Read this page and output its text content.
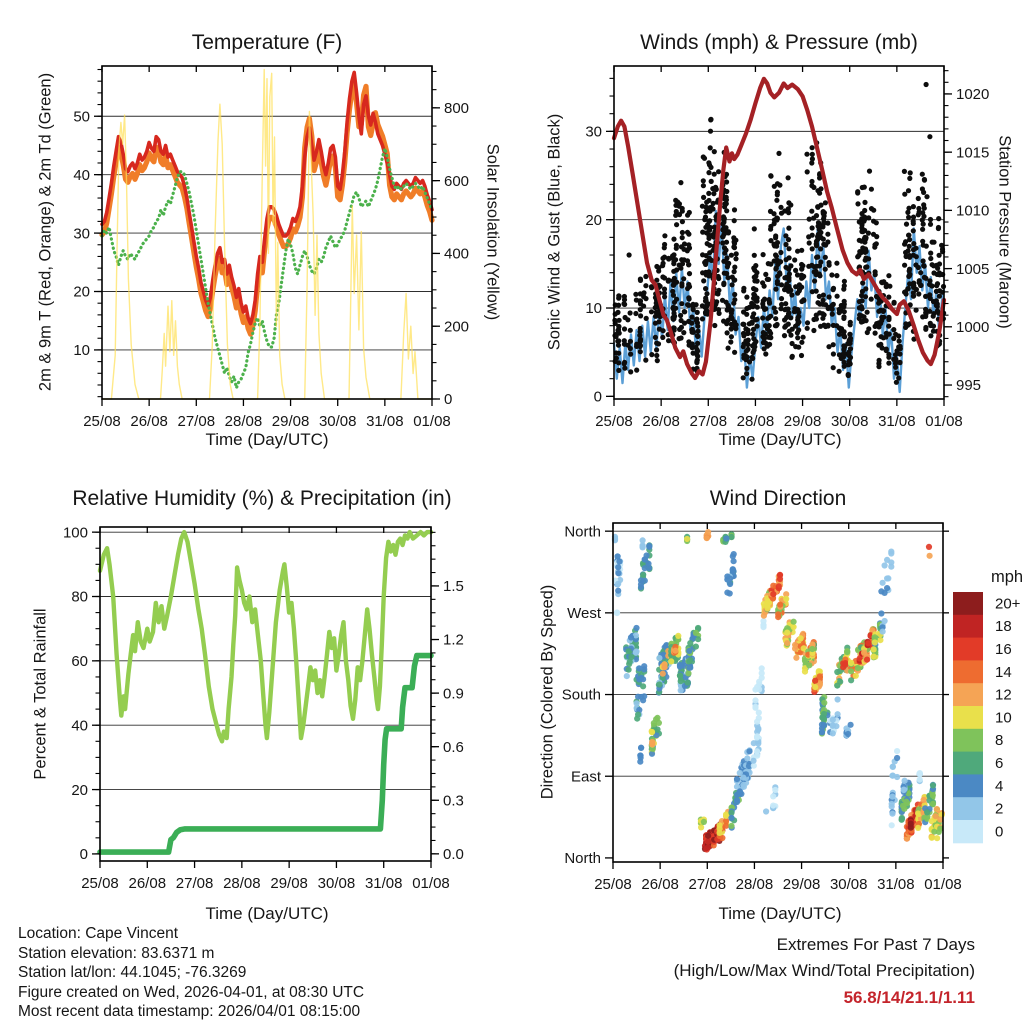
25/08 26/08 27/08 28/08 29/08 30/08 31/08 01/08
10
20
30
40
50
0
200
400
600
800
25/08 26/08 27/08 28/08 29/08 30/08 31/08 01/08
0
10
20
30
995
1000
1005
1010
1015
1020
25/08 26/08 27/08 28/08 29/08 30/08 31/08 01/08
0
20
40
60
80
100
0.0
0.3
0.6
0.9
1.2
1.5
25/08 26/08 27/08 28/08 29/08 30/08 31/08 01/08
North
East
South
West
North
20+
18
16
14
12
10
8
6
4
2
0
Temperature (F)	Winds (mph) & Pressure (mb)
Relative Humidity (%) & Precipitation (in)	Wind Direction
Time (Day/UTC)	Time (Day/UTC)
Time (Day/UTC)	Time (Day/UTC)
2m & 9m T (Red, Orange) & 2m Td (Green)	Solar Insolation (Yellow)	Sonic Wind & Gust (Blue, Black)	Station Pressure (Maroon)
Percent & Total Rainfall	Direction (Colored By Speed)
mph
Location: Cape Vincent
Station elevation: 83.6371 m
Station lat/lon: 44.1045; -76.3269
Figure created on Wed, 2026-04-01, at 08:30 UTC
Most recent data timestamp: 2026/04/01 08:15:00
Extremes For Past 7 Days
(High/Low/Max Wind/Total Precipitation)
56.8/14/21.1/1.11
